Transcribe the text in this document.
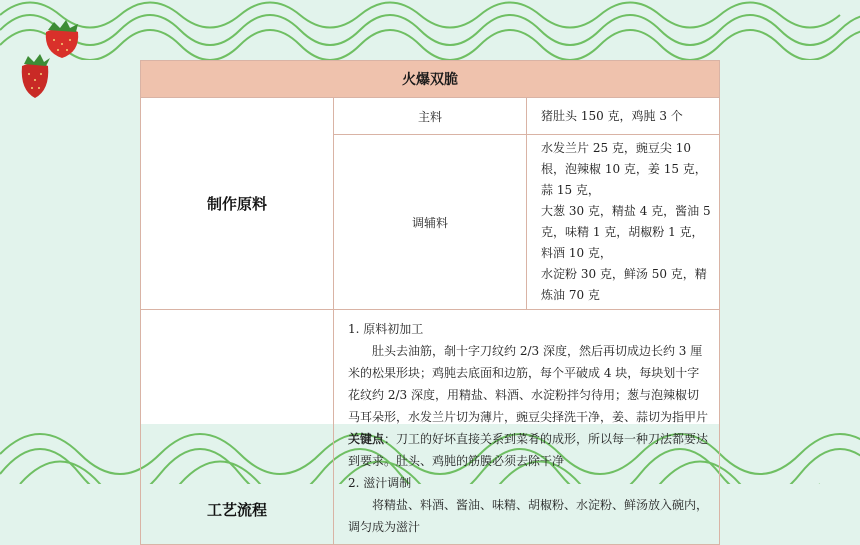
火爆双脆		
制作原料	主料	猪肚头 150 克，鸡肫 3 个
	调辅料	水发兰片 25 克，豌豆尖 10 根，泡辣椒 10 克，姜 15 克，蒜 15 克，
大葱 30 克，精盐 4 克，酱油 5 克，味精 1 克，胡椒粉 1 克，料酒 10 克，
水淀粉 30 克，鲜汤 50 克，精炼油 70 克

工艺流程	1. 原料初加工

肚头去油筋，剞十字刀纹约 2/3 深度，然后再切成边长约 3 厘米的松果形块；鸡肫去底面和边筋，每个平破成 4 块，每块划十字花纹约 2/3 深度，用精盐、料酒、水淀粉拌匀待用；葱与泡辣椒切马耳朵形，水发兰片切为薄片，豌豆尖择洗干净，姜、蒜切为指甲片

关键点：刀工的好坏直接关系到菜肴的成形，所以每一种刀法都要达到要求。肚头、鸡肫的筋膜必须去除干净

2. 滋汁调制

将精盐、料酒、酱油、味精、胡椒粉、水淀粉、鲜汤放入碗内，调匀成为滋汁	
